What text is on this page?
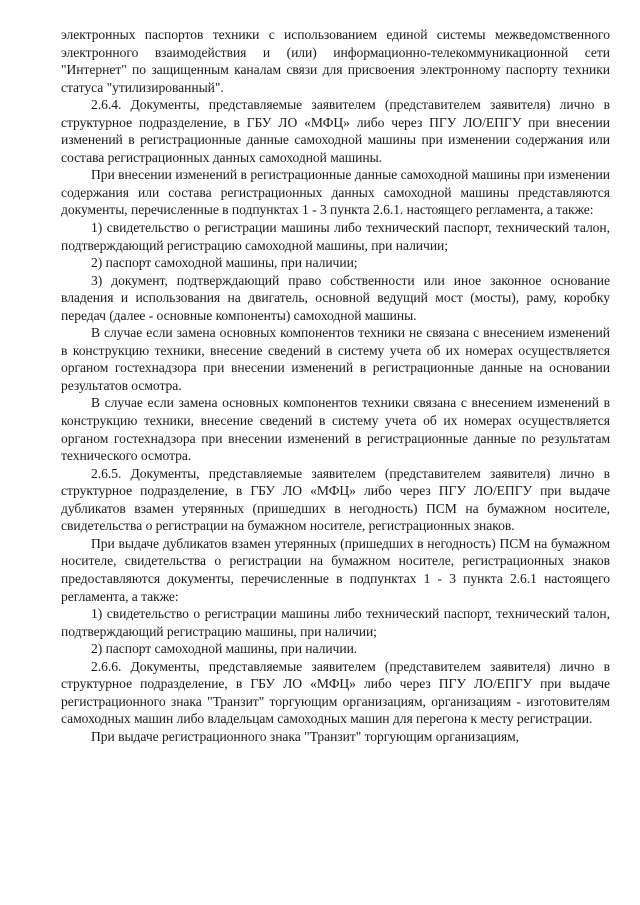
электронных паспортов техники с использованием единой системы межведомственного электронного взаимодействия и (или) информационно-телекоммуникационной сети "Интернет" по защищенным каналам связи для присвоения электронному паспорту техники статуса "утилизированный".

2.6.4. Документы, представляемые заявителем (представителем заявителя) лично в структурное подразделение, в ГБУ ЛО «МФЦ» либо через ПГУ ЛО/ЕПГУ при внесении изменений в регистрационные данные самоходной машины при изменении содержания или состава регистрационных данных самоходной машины.

При внесении изменений в регистрационные данные самоходной машины при изменении содержания или состава регистрационных данных самоходной машины представляются документы, перечисленные в подпунктах 1 - 3 пункта 2.6.1. настоящего регламента, а также:

1) свидетельство о регистрации машины либо технический паспорт, технический талон, подтверждающий регистрацию самоходной машины, при наличии;

2) паспорт самоходной машины, при наличии;

3) документ, подтверждающий право собственности или иное законное основание владения и использования на двигатель, основной ведущий мост (мосты), раму, коробку передач (далее - основные компоненты) самоходной машины.

В случае если замена основных компонентов техники не связана с внесением изменений в конструкцию техники, внесение сведений в систему учета об их номерах осуществляется органом гостехнадзора при внесении изменений в регистрационные данные на основании результатов осмотра.

В случае если замена основных компонентов техники связана с внесением изменений в конструкцию техники, внесение сведений в систему учета об их номерах осуществляется органом гостехнадзора при внесении изменений в регистрационные данные по результатам технического осмотра.

2.6.5. Документы, представляемые заявителем (представителем заявителя) лично в структурное подразделение, в ГБУ ЛО «МФЦ» либо через ПГУ ЛО/ЕПГУ при выдаче дубликатов взамен утерянных (пришедших в негодность) ПСМ на бумажном носителе, свидетельства о регистрации на бумажном носителе, регистрационных знаков.

При выдаче дубликатов взамен утерянных (пришедших в негодность) ПСМ на бумажном носителе, свидетельства о регистрации на бумажном носителе, регистрационных знаков предоставляются документы, перечисленные в подпунктах 1 - 3 пункта 2.6.1 настоящего регламента, а также:

1) свидетельство о регистрации машины либо технический паспорт, технический талон, подтверждающий регистрацию машины, при наличии;

2) паспорт самоходной машины, при наличии.

2.6.6. Документы, представляемые заявителем (представителем заявителя) лично в структурное подразделение, в ГБУ ЛО «МФЦ» либо через ПГУ ЛО/ЕПГУ при выдаче регистрационного знака "Транзит" торгующим организациям, организациям - изготовителям самоходных машин либо владельцам самоходных машин для перегона к месту регистрации.

При выдаче регистрационного знака "Транзит" торгующим организациям,
